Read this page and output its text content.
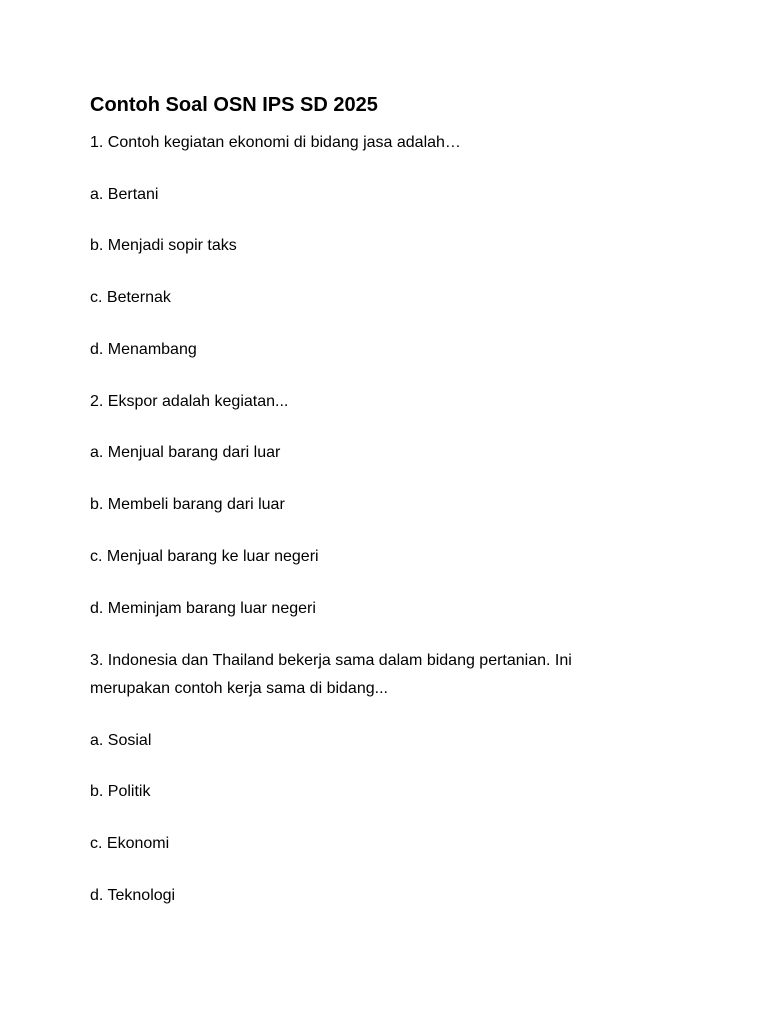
Contoh Soal OSN IPS SD 2025

1. Contoh kegiatan ekonomi di bidang jasa adalah…

a. Bertani

b. Menjadi sopir taks

c. Beternak

d. Menambang

2. Ekspor adalah kegiatan...

a. Menjual barang dari luar

b. Membeli barang dari luar

c. Menjual barang ke luar negeri

d. Meminjam barang luar negeri

3. Indonesia dan Thailand bekerja sama dalam bidang pertanian. Ini merupakan contoh kerja sama di bidang...

a. Sosial

b. Politik

c. Ekonomi

d. Teknologi
